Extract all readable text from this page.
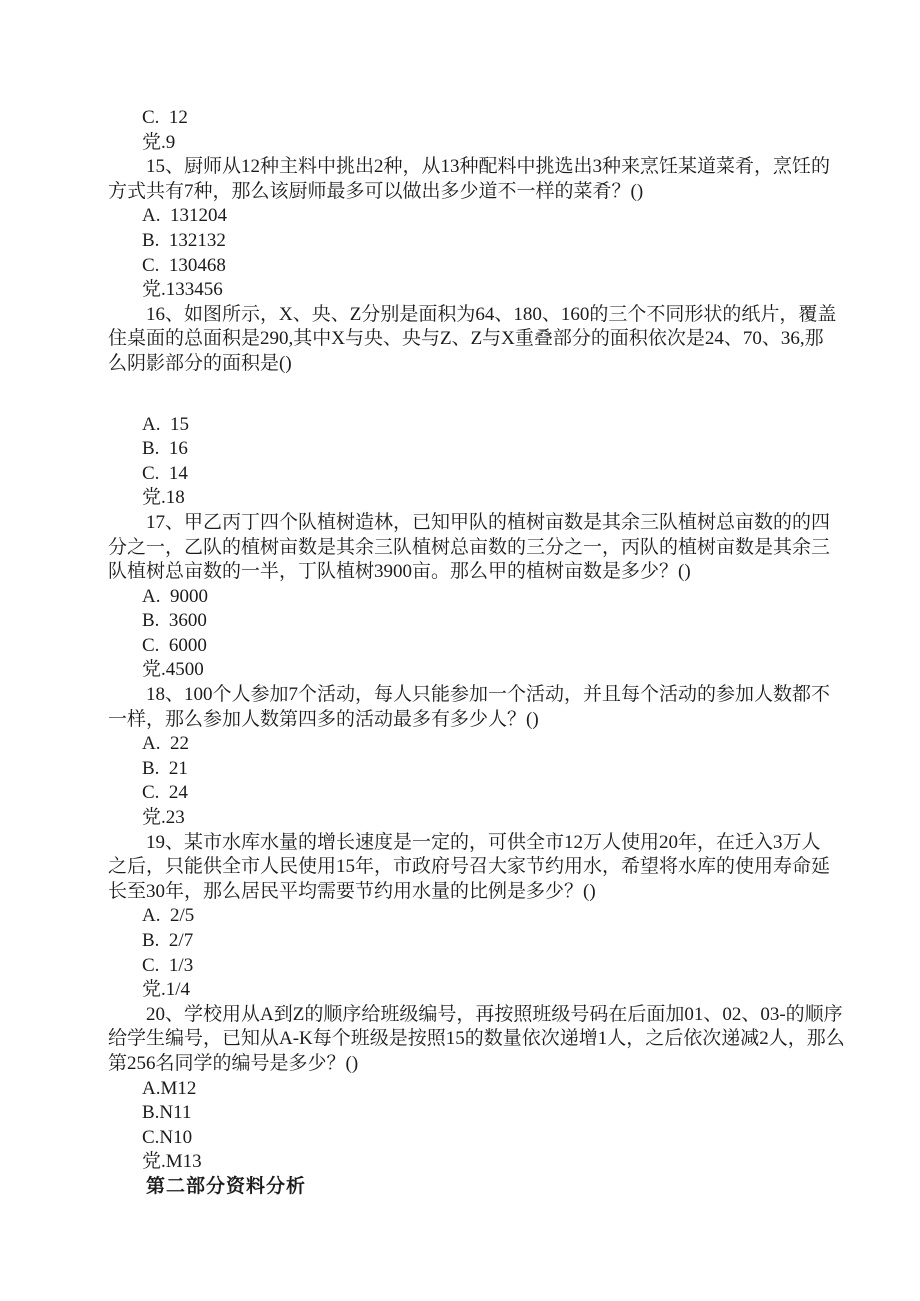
C.  12
党.9
15、厨师从12种主料中挑出2种，从13种配料中挑选出3种来烹饪某道菜肴，烹饪的
方式共有7种，那么该厨师最多可以做出多少道不一样的菜肴？()
A.  131204
B.  132132
C.  130468
党.133456
16、如图所示，X、央、Z分别是面积为64、180、160的三个不同形状的纸片，覆盖
住桌面的总面积是290,其中X与央、央与Z、Z与X重叠部分的面积依次是24、70、36,那
么阴影部分的面积是()
A.  15
B.  16
C.  14
党.18
17、甲乙丙丁四个队植树造林，已知甲队的植树亩数是其余三队植树总亩数的的四
分之一，乙队的植树亩数是其余三队植树总亩数的三分之一，丙队的植树亩数是其余三
队植树总亩数的一半，丁队植树3900亩。那么甲的植树亩数是多少？()
A.  9000
B.  3600
C.  6000
党.4500
18、100个人参加7个活动，每人只能参加一个活动，并且每个活动的参加人数都不
一样，那么参加人数第四多的活动最多有多少人？()
A.  22
B.  21
C.  24
党.23
19、某市水库水量的增长速度是一定的，可供全市12万人使用20年，在迁入3万人
之后，只能供全市人民使用15年，市政府号召大家节约用水，希望将水库的使用寿命延
长至30年，那么居民平均需要节约用水量的比例是多少？()
A.  2/5
B.  2/7
C.  1/3
党.1/4
20、学校用从A到Z的顺序给班级编号，再按照班级号码在后面加01、02、03-的顺序
给学生编号，已知从A-K每个班级是按照15的数量依次递增1人，之后依次递减2人，那么
第256名同学的编号是多少？()
A.M12
B.N11
C.N10
党.M13
第二部分资料分析
